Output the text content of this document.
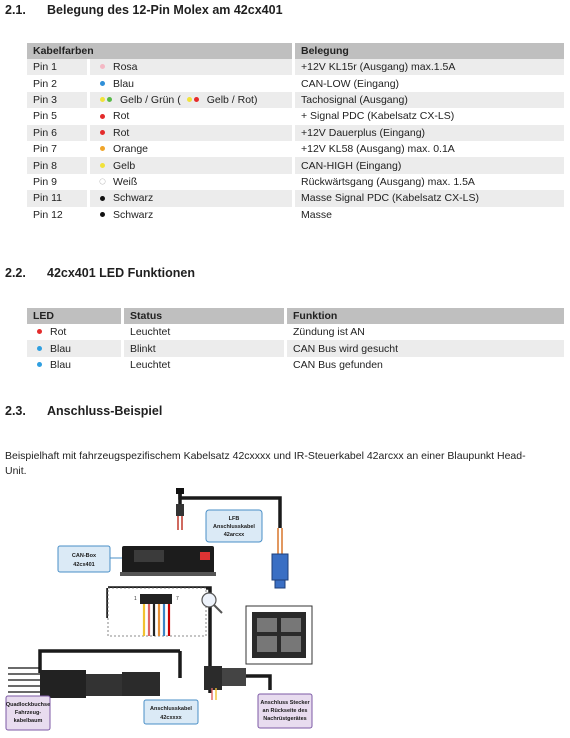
2.1. Belegung des 12-Pin Molex am 42cx401
Kabelfarben		Belegung
Pin 1	Rosa	+12V KL15r (Ausgang) max.1.5A
Pin 2	Blau	CAN-LOW (Eingang)
Pin 3	Gelb / Grün ( Gelb / Rot)	Tachosignal (Ausgang)
Pin 5	Rot	+ Signal PDC (Kabelsatz CX-LS)
Pin 6	Rot	+12V Dauerplus (Eingang)
Pin 7	Orange	+12V KL58 (Ausgang) max. 0.1A
Pin 8	Gelb	CAN-HIGH (Eingang)
Pin 9	Weiß	Rückwärtsgang (Ausgang) max. 1.5A
Pin 11	Schwarz	Masse Signal PDC (Kabelsatz CX-LS)
Pin 12	Schwarz	Masse
2.2. 42cx401 LED Funktionen
LED	Status	Funktion
Rot	Leuchtet	Zündung ist AN
Blau	Blinkt	CAN Bus wird gesucht
Blau	Leuchtet	CAN Bus gefunden
2.3. Anschluss-Beispiel
Beispielhaft mit fahrzeugspezifischem Kabelsatz 42cxxxx und IR-Steuerkabel 42arcxx an einer Blaupunkt Head-Unit.
LFB
Anschlusskabel
42arcxx
CAN-Box
42cx401
1	7
Quadlockbuchse
Fahrzeug-
kabelbaum
Anschlusskabel
42cxxxx
Anschluss Stecker
an Rückseite des
Nachrüstgerätes
